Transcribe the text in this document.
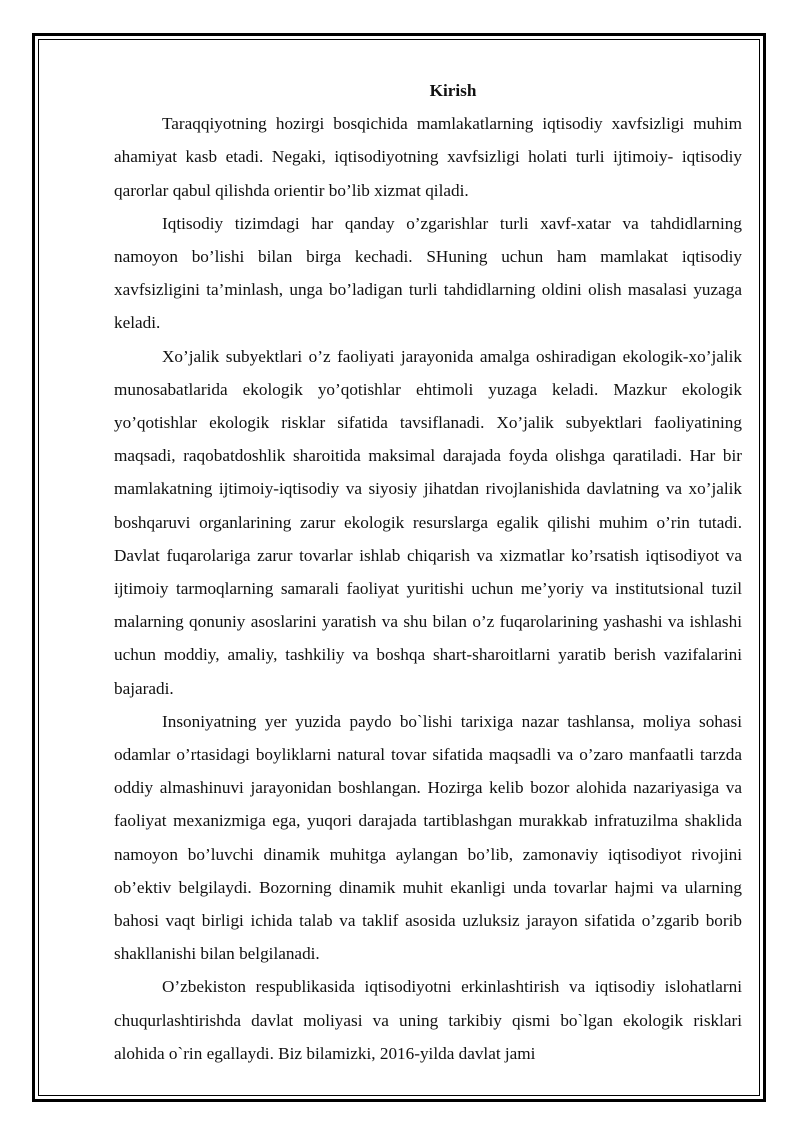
Kirish

Taraqqiyotning hozirgi bosqichida mamlakatlarning iqtisodiy xavfsizligi muhim ahamiyat kasb etadi. Negaki, iqtisodiyotning xavfsizligi holati turli ijtimoiy- iqtisodiy qarorlar qabul qilishda orientir bo’lib xizmat qiladi.

Iqtisodiy tizimdagi har qanday o’zgarishlar turli xavf-xatar va tahdidlarning namoyon bo’lishi bilan birga kechadi. SHuning uchun ham mamlakat iqtisodiy xavfsizligini ta’minlash, unga bo’ladigan turli tahdidlarning oldini olish masalasi yuzaga keladi.

Xo’jalik subyektlari o’z faoliyati jarayonida amalga oshiradigan ekologik-xo’jalik munosabatlarida ekologik yo’qotishlar ehtimoli yuzaga keladi. Mazkur ekologik yo’qotishlar ekologik risklar sifatida tavsiflanadi. Xo’jalik subyektlari faoliyatining maqsadi, raqobatdoshlik sharoitida maksimal darajada foyda olishga qaratiladi. Har bir mamlakatning ijtimoiy-iqtisodiy va siyosiy jihatdan rivojlanishida davlatning va xo’jalik boshqaruvi organlarining zarur ekologik resurslarga egalik qilishi muhim o’rin tutadi. Davlat fuqarolariga zarur tovarlar ishlab chiqarish va xizmatlar ko’rsatish iqtisodiyot va ijtimoiy tarmoqlarning samarali faoliyat yuritishi uchun me’yoriy va institutsional tuzil malarning qonuniy asoslarini yaratish va shu bilan o’z fuqarolarining yashashi va ishlashi uchun moddiy, amaliy, tashkiliy va boshqa shart-sharoitlarni yaratib berish vazifalarini bajaradi.

Insoniyatning yer yuzida paydo bo`lishi tarixiga nazar tashlansa, moliya sohasi odamlar o’rtasidagi boyliklarni natural tovar sifatida maqsadli va o’zaro manfaatli tarzda oddiy almashinuvi jarayonidan boshlangan. Hozirga kelib bozor alohida nazariyasiga va faoliyat mexanizmiga ega, yuqori darajada tartiblashgan murakkab infratuzilma shaklida namoyon bo’luvchi dinamik muhitga aylangan bo’lib, zamonaviy iqtisodiyot rivojini ob’ektiv belgilaydi. Bozorning dinamik muhit ekanligi unda tovarlar hajmi va ularning bahosi vaqt birligi ichida talab va taklif asosida uzluksiz jarayon sifatida o’zgarib borib shakllanishi bilan belgilanadi.

O’zbekiston respublikasida iqtisodiyotni erkinlashtirish va iqtisodiy islohatlarni chuqurlashtirishda davlat moliyasi va uning tarkibiy qismi bo`lgan ekologik risklari alohida o`rin egallaydi. Biz bilamizki, 2016-yilda davlat jami
